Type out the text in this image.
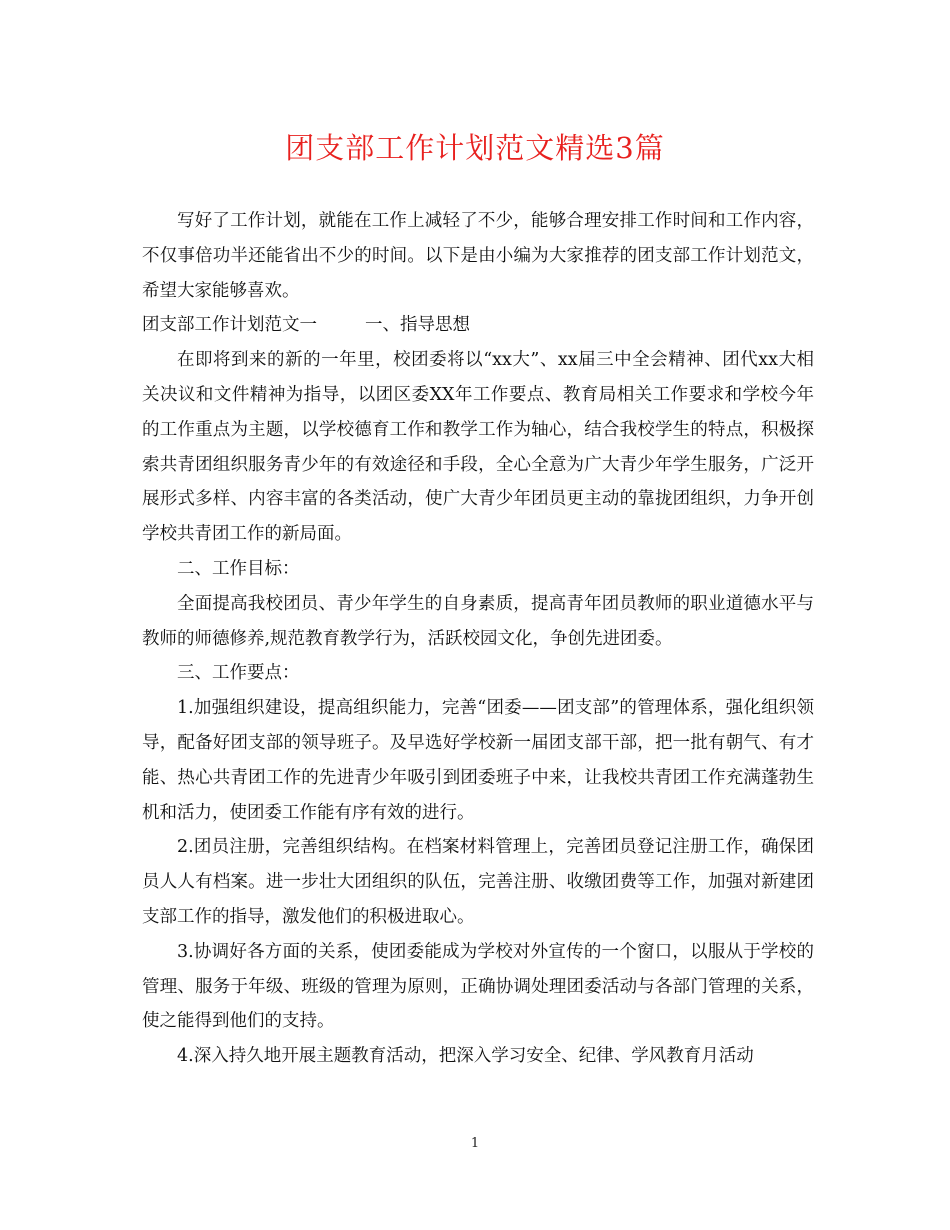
团支部工作计划范文精选3篇

写好了工作计划，就能在工作上减轻了不少，能够合理安排工作时间和工作内容，不仅事倍功半还能省出不少的时间。以下是由小编为大家推荐的团支部工作计划范文，希望大家能够喜欢。

团支部工作计划范文一	一、指导思想

在即将到来的新的一年里，校团委将以“xx大”、xx届三中全会精神、团代xx大相关决议和文件精神为指导，以团区委XX年工作要点、教育局相关工作要求和学校今年的工作重点为主题，以学校德育工作和教学工作为轴心，结合我校学生的特点，积极探索共青团组织服务青少年的有效途径和手段，全心全意为广大青少年学生服务，广泛开展形式多样、内容丰富的各类活动，使广大青少年团员更主动的靠拢团组织，力争开创学校共青团工作的新局面。

二、工作目标：

全面提高我校团员、青少年学生的自身素质，提高青年团员教师的职业道德水平与教师的师德修养,规范教育教学行为，活跃校园文化，争创先进团委。

三、工作要点：

1.加强组织建设，提高组织能力，完善“团委——团支部”的管理体系，强化组织领导，配备好团支部的领导班子。及早选好学校新一届团支部干部，把一批有朝气、有才能、热心共青团工作的先进青少年吸引到团委班子中来，让我校共青团工作充满蓬勃生机和活力，使团委工作能有序有效的进行。

2.团员注册，完善组织结构。在档案材料管理上，完善团员登记注册工作，确保团员人人有档案。进一步壮大团组织的队伍，完善注册、收缴团费等工作，加强对新建团支部工作的指导，激发他们的积极进取心。

3.协调好各方面的关系，使团委能成为学校对外宣传的一个窗口，以服从于学校的管理、服务于年级、班级的管理为原则，正确协调处理团委活动与各部门管理的关系，使之能得到他们的支持。

4.深入持久地开展主题教育活动，把深入学习安全、纪律、学风教育月活动

1
